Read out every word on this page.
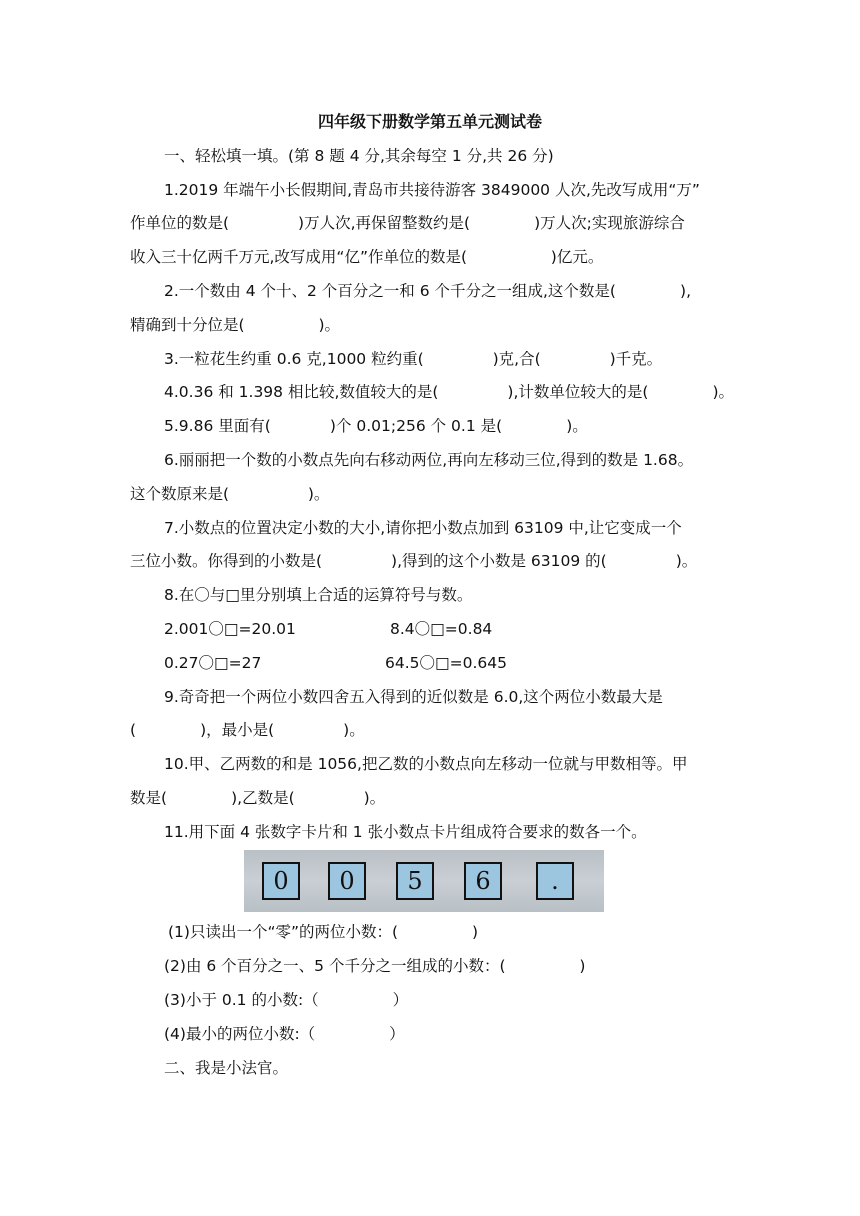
四年级下册数学第五单元测试卷
一、轻松填一填。(第 8 题 4 分,其余每空 1 分,共 26 分)
1.2019 年端午小长假期间,青岛市共接待游客 3849000 人次,先改写成用“万”
作单位的数是(              )万人次,再保留整数约是(             )万人次;实现旅游综合
收入三十亿两千万元,改写成用“亿”作单位的数是(                 )亿元。
2.一个数由 4 个十、2 个百分之一和 6 个千分之一组成,这个数是(             ),
精确到十分位是(               )。
3.一粒花生约重 0.6 克,1000 粒约重(              )克,合(              )千克。
4.0.36 和 1.398 相比较,数值较大的是(              ),计数单位较大的是(             )。
5.9.86 里面有(            )个 0.01;256 个 0.1 是(             )。
6.丽丽把一个数的小数点先向右移动两位,再向左移动三位,得到的数是 1.68。
这个数原来是(                )。
7.小数点的位置决定小数的大小,请你把小数点加到 63109 中,让它变成一个
三位小数。你得到的小数是(              ),得到的这个小数是 63109 的(              )。
8.在〇与□里分别填上合适的运算符号与数。
2.001〇□=20.01	8.4〇□=0.84
0.27〇□=27	64.5〇□=0.645
9.奇奇把一个两位小数四舍五入得到的近似数是 6.0,这个两位小数最大是
(             )，最小是(              )。
10.甲、乙两数的和是 1056,把乙数的小数点向左移动一位就与甲数相等。甲
数是(             ),乙数是(              )。
11.用下面 4 张数字卡片和 1 张小数点卡片组成符合要求的数各一个。
0	0	5	6	.
(1)只读出一个“零”的两位小数：(               )
(2)由 6 个百分之一、5 个千分之一组成的小数：(               )
(3)小于 0.1 的小数:（               ）
(4)最小的两位小数:（               ）
二、我是小法官。
